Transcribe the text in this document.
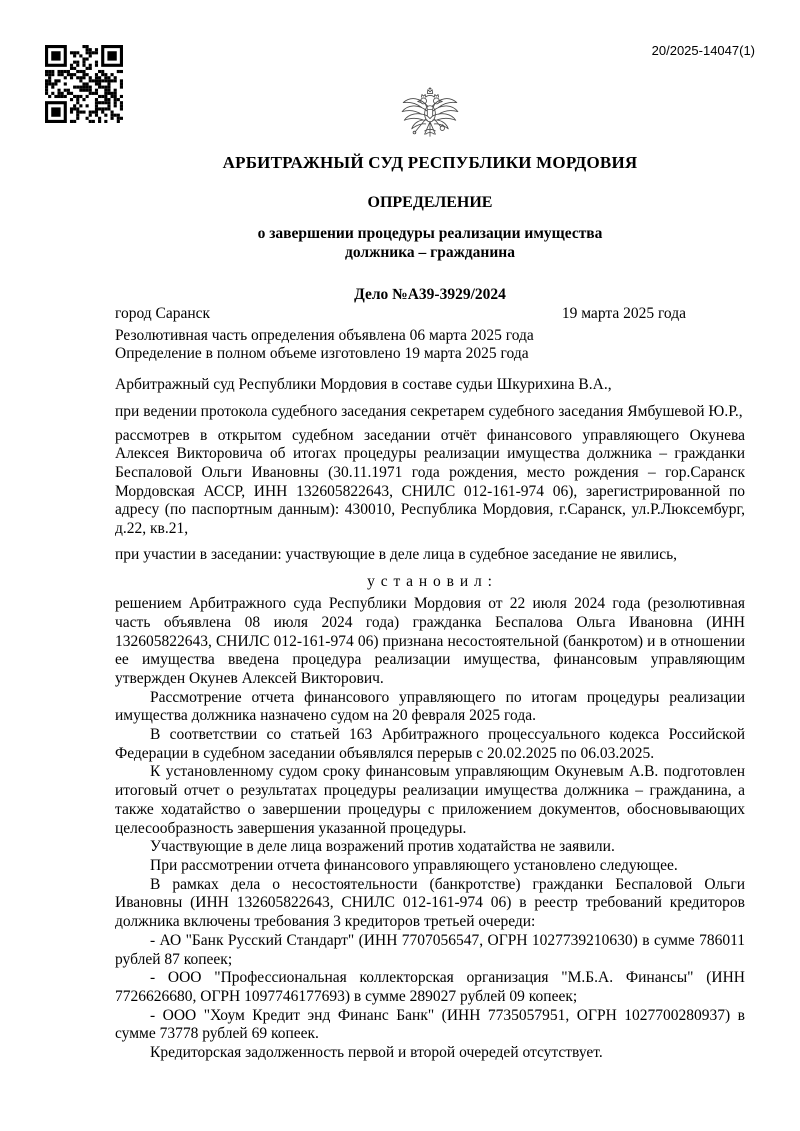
20/2025-14047(1)
АРБИТРАЖНЫЙ СУД РЕСПУБЛИКИ МОРДОВИЯ
ОПРЕДЕЛЕНИЕ
о завершении процедуры реализации имущества
должника – гражданина
Дело №А39-3929/2024
город Саранск	19 марта 2025 года

Резолютивная часть определения объявлена 06 марта 2025 года

Определение в полном объеме изготовлено 19 марта 2025 года

Арбитражный суд Республики Мордовия в составе судьи Шкурихина В.А.,

при ведении протокола судебного заседания секретарем судебного заседания Ямбушевой Ю.Р.,

рассмотрев в открытом судебном заседании отчёт финансового управляющего Окунева Алексея Викторовича об итогах процедуры реализации имущества должника – гражданки Беспаловой Ольги Ивановны (30.11.1971 года рождения, место рождения – гор.Саранск Мордовская АССР, ИНН 132605822643, СНИЛС 012-161-974 06), зарегистрированной по адресу (по паспортным данным): 430010, Республика Мордовия, г.Саранск, ул.Р.Люксембург, д.22, кв.21,

при участии в заседании: участвующие в деле лица в судебное заседание не явились,

у с т а н о в и л :

решением Арбитражного суда Республики Мордовия от 22 июля 2024 года (резолютивная часть объявлена 08 июля 2024 года) гражданка Беспалова Ольга Ивановна (ИНН 132605822643, СНИЛС 012-161-974 06) признана несостоятельной (банкротом) и в отношении ее имущества введена процедура реализации имущества, финансовым управляющим утвержден Окунев Алексей Викторович.

Рассмотрение отчета финансового управляющего по итогам процедуры реализации имущества должника назначено судом на 20 февраля 2025 года.

В соответствии со статьей 163 Арбитражного процессуального кодекса Российской Федерации в судебном заседании объявлялся перерыв с 20.02.2025 по 06.03.2025.

К установленному судом сроку финансовым управляющим Окуневым А.В. подготовлен итоговый отчет о результатах процедуры реализации имущества должника – гражданина, а также ходатайство о завершении процедуры с приложением документов, обосновывающих целесообразность завершения указанной процедуры.

Участвующие в деле лица возражений против ходатайства не заявили.

При рассмотрении отчета финансового управляющего установлено следующее.

В рамках дела о несостоятельности (банкротстве) гражданки Беспаловой Ольги Ивановны (ИНН 132605822643, СНИЛС 012-161-974 06) в реестр требований кредиторов должника включены требования 3 кредиторов третьей очереди:

- АО "Банк Русский Стандарт" (ИНН 7707056547, ОГРН 1027739210630) в сумме 786011 рублей 87 копеек;

- ООО "Профессиональная коллекторская организация "М.Б.А. Финансы" (ИНН 7726626680, ОГРН 1097746177693) в сумме 289027 рублей 09 копеек;

- ООО "Хоум Кредит энд Финанс Банк" (ИНН 7735057951, ОГРН 1027700280937) в сумме 73778 рублей 69 копеек.

Кредиторская задолженность первой и второй очередей отсутствует.
